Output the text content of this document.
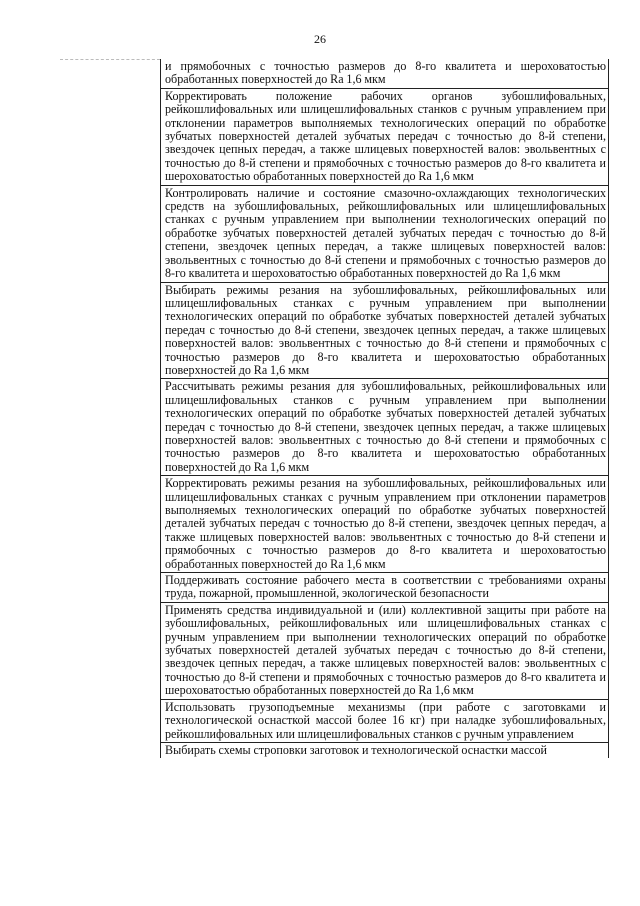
26

	и прямобочных с точностью размеров до 8-го квалитета и шероховатостью обработанных поверхностей до Ra 1,6 мкм

	Корректировать положение рабочих органов зубошлифовальных, рейкошлифовальных или шлицешлифовальных станков с ручным управлением при отклонении параметров выполняемых технологических операций по обработке зубчатых поверхностей деталей зубчатых передач с точностью до 8-й степени, звездочек цепных передач, а также шлицевых поверхностей валов: эвольвентных с точностью до 8-й степени и прямобочных с точностью размеров до 8-го квалитета и шероховатостью обработанных поверхностей до Ra 1,6 мкм

	Контролировать наличие и состояние смазочно-охлаждающих технологических средств на зубошлифовальных, рейкошлифовальных или шлицешлифовальных станках с ручным управлением при выполнении технологических операций по обработке зубчатых поверхностей деталей зубчатых передач с точностью до 8-й степени, звездочек цепных передач, а также шлицевых поверхностей валов: эвольвентных с точностью до 8-й степени и прямобочных с точностью размеров до 8-го квалитета и шероховатостью обработанных поверхностей до Ra 1,6 мкм

	Выбирать режимы резания на зубошлифовальных, рейкошлифовальных или шлицешлифовальных станках с ручным управлением при выполнении технологических операций по обработке зубчатых поверхностей деталей зубчатых передач с точностью до 8-й степени, звездочек цепных передач, а также шлицевых поверхностей валов: эвольвентных с точностью до 8-й степени и прямобочных с точностью размеров до 8-го квалитета и шероховатостью обработанных поверхностей до Ra 1,6 мкм

	Рассчитывать режимы резания для зубошлифовальных, рейкошлифовальных или шлицешлифовальных станков с ручным управлением при выполнении технологических операций по обработке зубчатых поверхностей деталей зубчатых передач с точностью до 8-й степени, звездочек цепных передач, а также шлицевых поверхностей валов: эвольвентных с точностью до 8-й степени и прямобочных с точностью размеров до 8-го квалитета и шероховатостью обработанных поверхностей до Ra 1,6 мкм

	Корректировать режимы резания на зубошлифовальных, рейкошлифовальных или шлицешлифовальных станках с ручным управлением при отклонении параметров выполняемых технологических операций по обработке зубчатых поверхностей деталей зубчатых передач с точностью до 8-й степени, звездочек цепных передач, а также шлицевых поверхностей валов: эвольвентных с точностью до 8-й степени и прямобочных с точностью размеров до 8-го квалитета и шероховатостью обработанных поверхностей до Ra 1,6 мкм

	Поддерживать состояние рабочего места в соответствии с требованиями охраны труда, пожарной, промышленной, экологической безопасности

	Применять средства индивидуальной и (или) коллективной защиты при работе на зубошлифовальных, рейкошлифовальных или шлицешлифовальных станках с ручным управлением при выполнении технологических операций по обработке зубчатых поверхностей деталей зубчатых передач с точностью до 8-й степени, звездочек цепных передач, а также шлицевых поверхностей валов: эвольвентных с точностью до 8-й степени и прямобочных с точностью размеров до 8-го квалитета и шероховатостью обработанных поверхностей до Ra 1,6 мкм

	Использовать грузоподъемные механизмы (при работе с заготовками и технологической оснасткой массой более 16 кг) при наладке зубошлифовальных, рейкошлифовальных или шлицешлифовальных станков с ручным управлением

	Выбирать схемы строповки заготовок и технологической оснастки массой
